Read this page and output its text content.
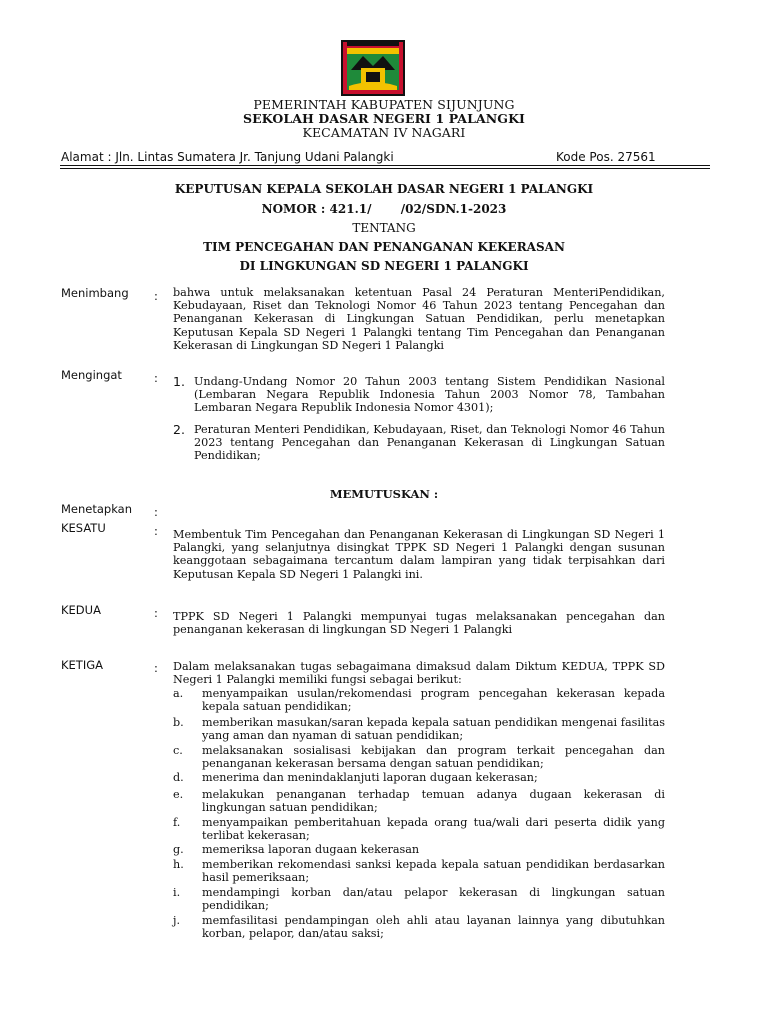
PEMERINTAH KABUPATEN SIJUNJUNG
SEKOLAH DASAR NEGERI 1 PALANGKI
KECAMATAN IV NAGARI
Alamat : Jln. Lintas Sumatera Jr. Tanjung Udani Palangki	Kode Pos. 27561
KEPUTUSAN KEPALA SEKOLAH DASAR NEGERI 1 PALANGKI
NOMOR : 421.1/       /02/SDN.1-2023
TENTANG
TIM PENCEGAHAN DAN PENANGANAN KEKERASAN
DI LINGKUNGAN SD NEGERI 1 PALANGKI
Menimbang : bahwa untuk melaksanakan ketentuan Pasal 24 Peraturan MenteriPendidikan, Kebudayaan, Riset dan Teknologi Nomor 46 Tahun 2023 tentang Pencegahan dan Penanganan Kekerasan di Lingkungan Satuan Pendidikan, perlu menetapkan Keputusan Kepala SD Negeri 1 Palangki tentang Tim Pencegahan dan Penanganan Kekerasan di Lingkungan SD Negeri 1 Palangki
Mengingat	: 1. Undang-Undang Nomor 20 Tahun 2003 tentang Sistem Pendidikan Nasional (Lembaran Negara Republik Indonesia Tahun 2003 Nomor 78, Tambahan Lembaran Negara Republik Indonesia Nomor 4301);
2. Peraturan Menteri Pendidikan, Kebudayaan, Riset, dan Teknologi Nomor 46 Tahun 2023 tentang Pencegahan dan Penanganan Kekerasan di Lingkungan Satuan Pendidikan;
MEMUTUSKAN :
Menetapkan :
KESATU	: Membentuk Tim Pencegahan dan Penanganan Kekerasan di Lingkungan SD Negeri 1 Palangki, yang selanjutnya disingkat TPPK SD Negeri 1 Palangki dengan susunan keanggotaan sebagaimana tercantum dalam lampiran yang tidak terpisahkan dari Keputusan Kepala SD Negeri 1 Palangki ini.
KEDUA	: TPPK SD Negeri 1 Palangki mempunyai tugas melaksanakan pencegahan dan penanganan kekerasan di lingkungan SD Negeri 1 Palangki
KETIGA	: Dalam melaksanakan tugas sebagaimana dimaksud dalam Diktum KEDUA, TPPK SD Negeri 1 Palangki memiliki fungsi sebagai berikut:
a. menyampaikan usulan/rekomendasi program pencegahan kekerasan kepada kepala satuan pendidikan;
b. memberikan masukan/saran kepada kepala satuan pendidikan mengenai fasilitas yang aman dan nyaman di satuan pendidikan;
c. melaksanakan sosialisasi kebijakan dan program terkait pencegahan dan penanganan kekerasan bersama dengan satuan pendidikan;
d. menerima dan menindaklanjuti laporan dugaan kekerasan;
e. melakukan penanganan terhadap temuan adanya dugaan kekerasan di lingkungan satuan pendidikan;
f. menyampaikan pemberitahuan kepada orang tua/wali dari peserta didik yang terlibat kekerasan;
g. memeriksa laporan dugaan kekerasan
h. memberikan rekomendasi sanksi kepada kepala satuan pendidikan berdasarkan hasil pemeriksaan;
i. mendampingi korban dan/atau pelapor kekerasan di lingkungan satuan pendidikan;
j. memfasilitasi pendampingan oleh ahli atau layanan lainnya yang dibutuhkan korban, pelapor, dan/atau saksi;
